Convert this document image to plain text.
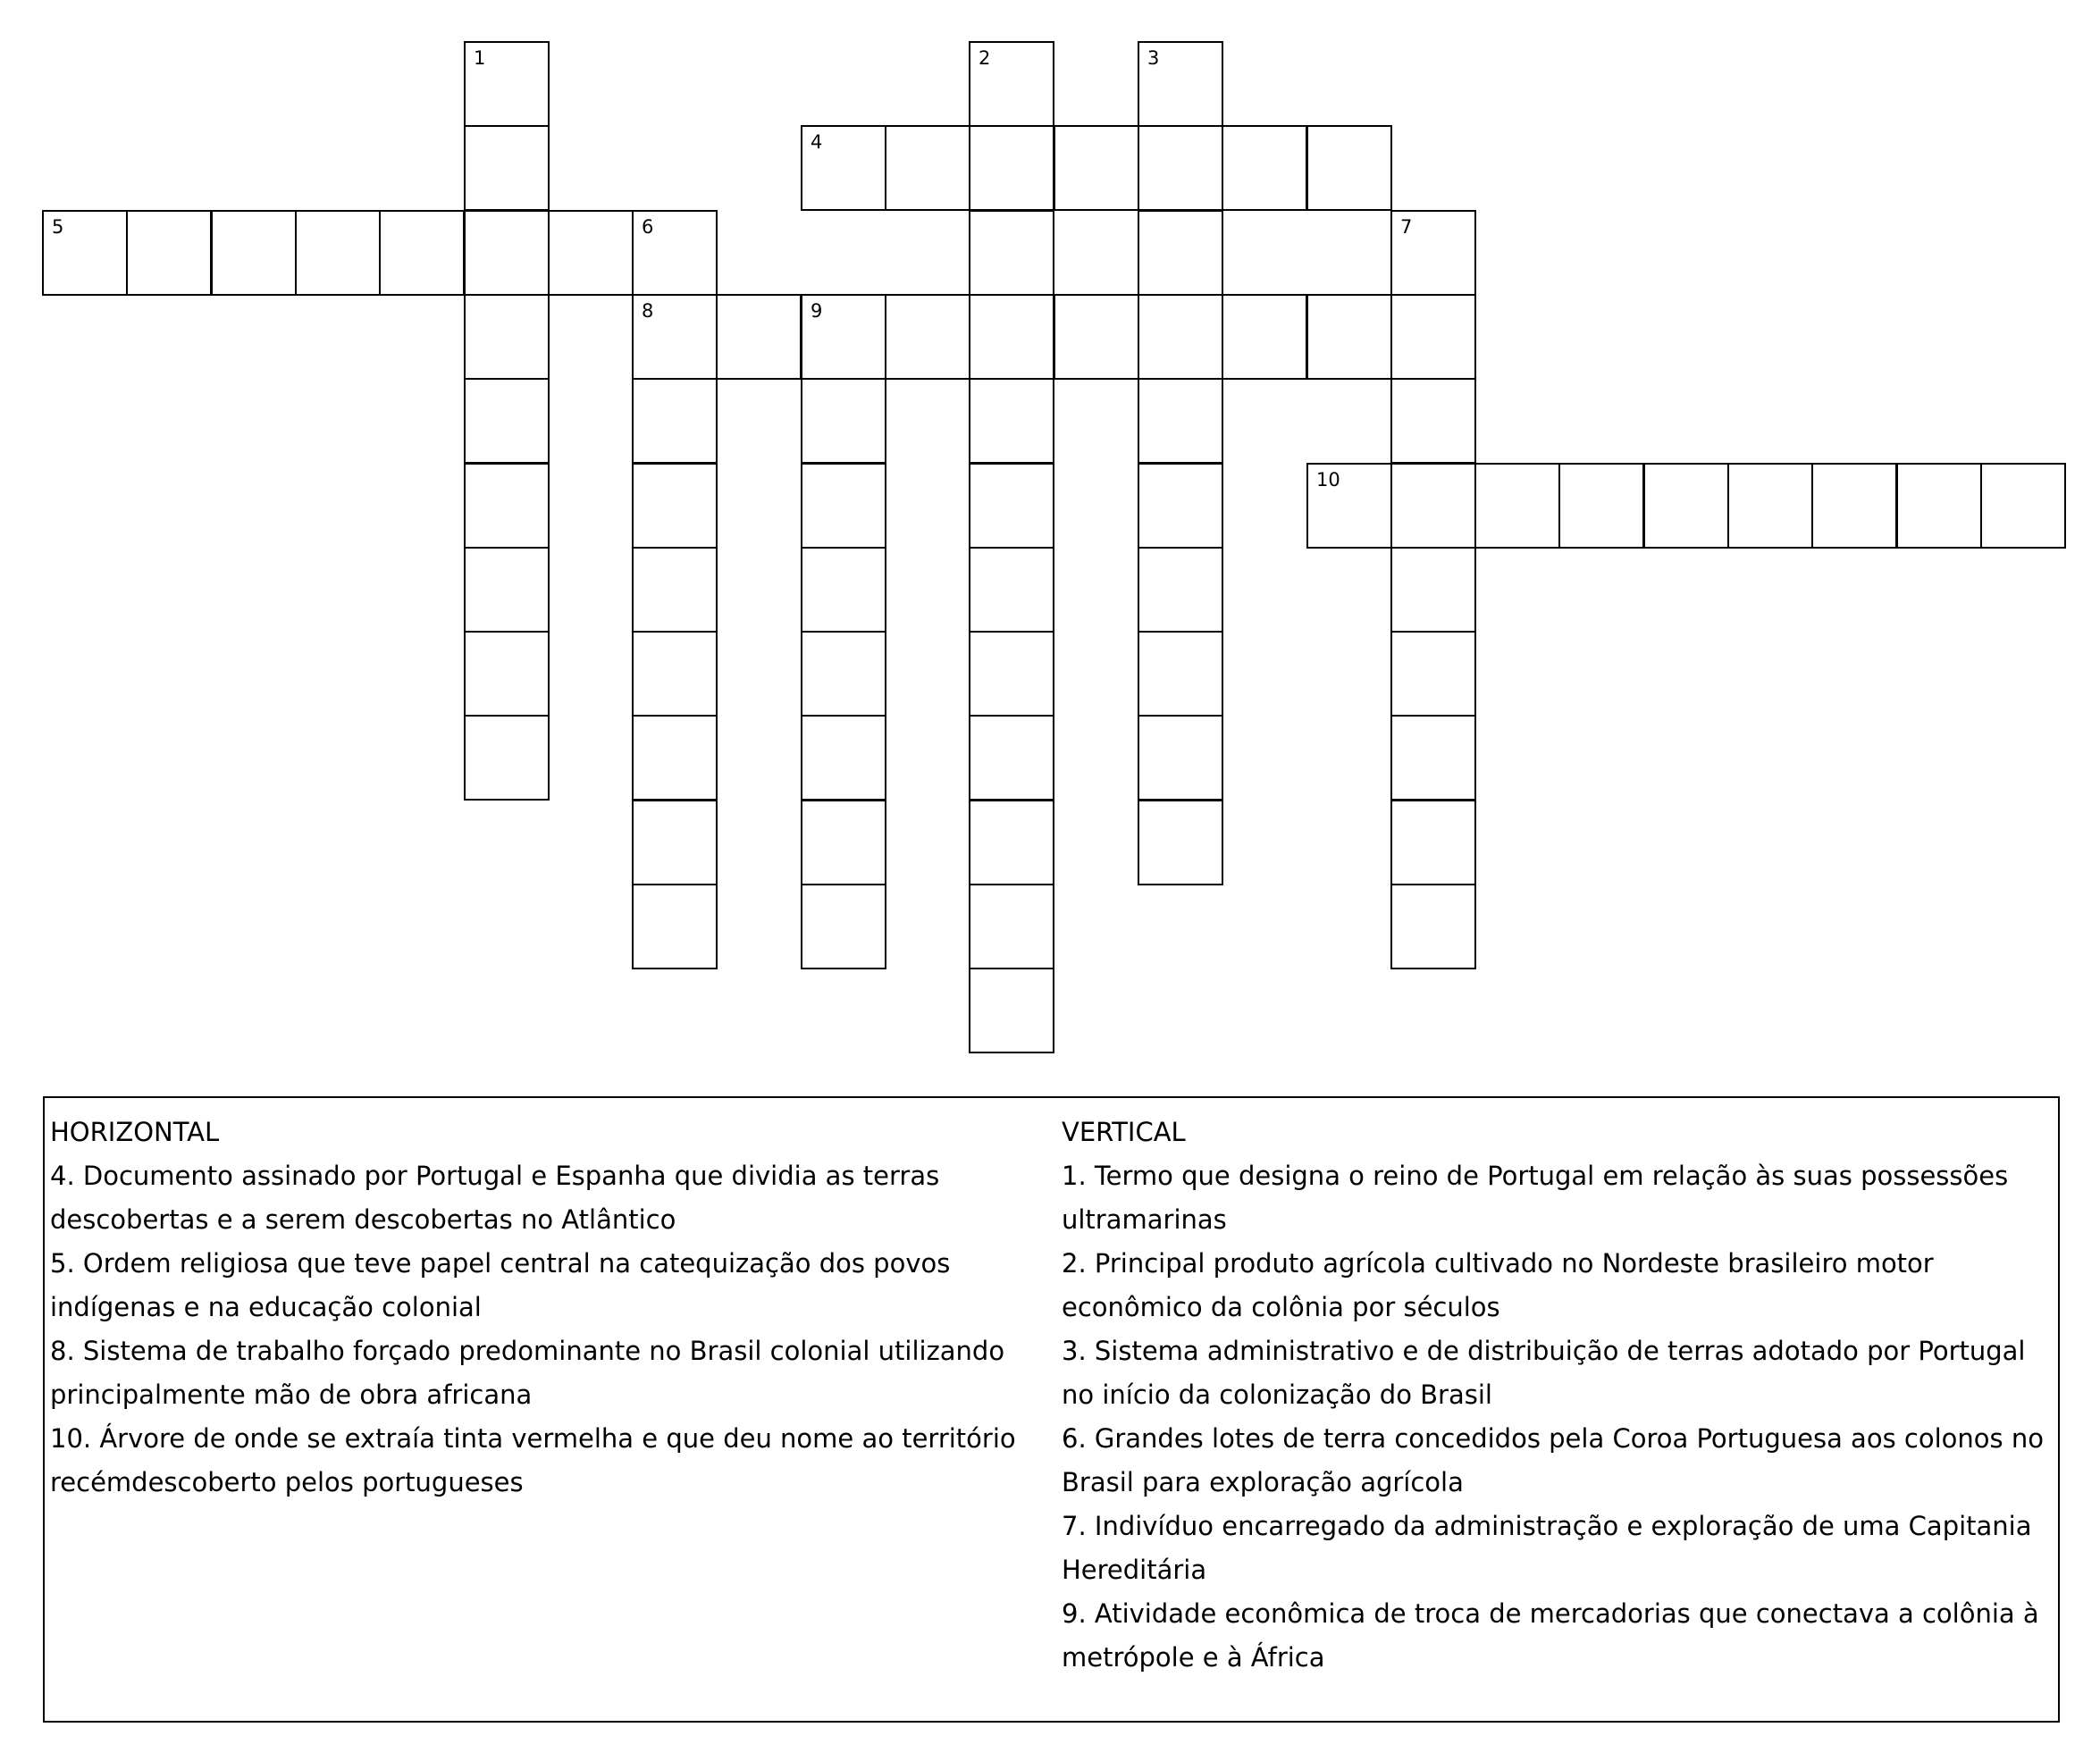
1	2	3
4
5	6	7
8	9
10
HORIZONTAL
4. Documento assinado por Portugal e Espanha que dividia as terras descobertas e a serem descobertas no Atlântico
5. Ordem religiosa que teve papel central na catequização dos povos indígenas e na educação colonial
8. Sistema de trabalho forçado predominante no Brasil colonial utilizando principalmente mão de obra africana
10. Árvore de onde se extraía tinta vermelha e que deu nome ao território recémdescoberto pelos portugueses
VERTICAL
1. Termo que designa o reino de Portugal em relação às suas possessões ultramarinas
2. Principal produto agrícola cultivado no Nordeste brasileiro motor econômico da colônia por séculos
3. Sistema administrativo e de distribuição de terras adotado por Portugal no início da colonização do Brasil
6. Grandes lotes de terra concedidos pela Coroa Portuguesa aos colonos no Brasil para exploração agrícola
7. Indivíduo encarregado da administração e exploração de uma Capitania Hereditária
9. Atividade econômica de troca de mercadorias que conectava a colônia à metrópole e à África
